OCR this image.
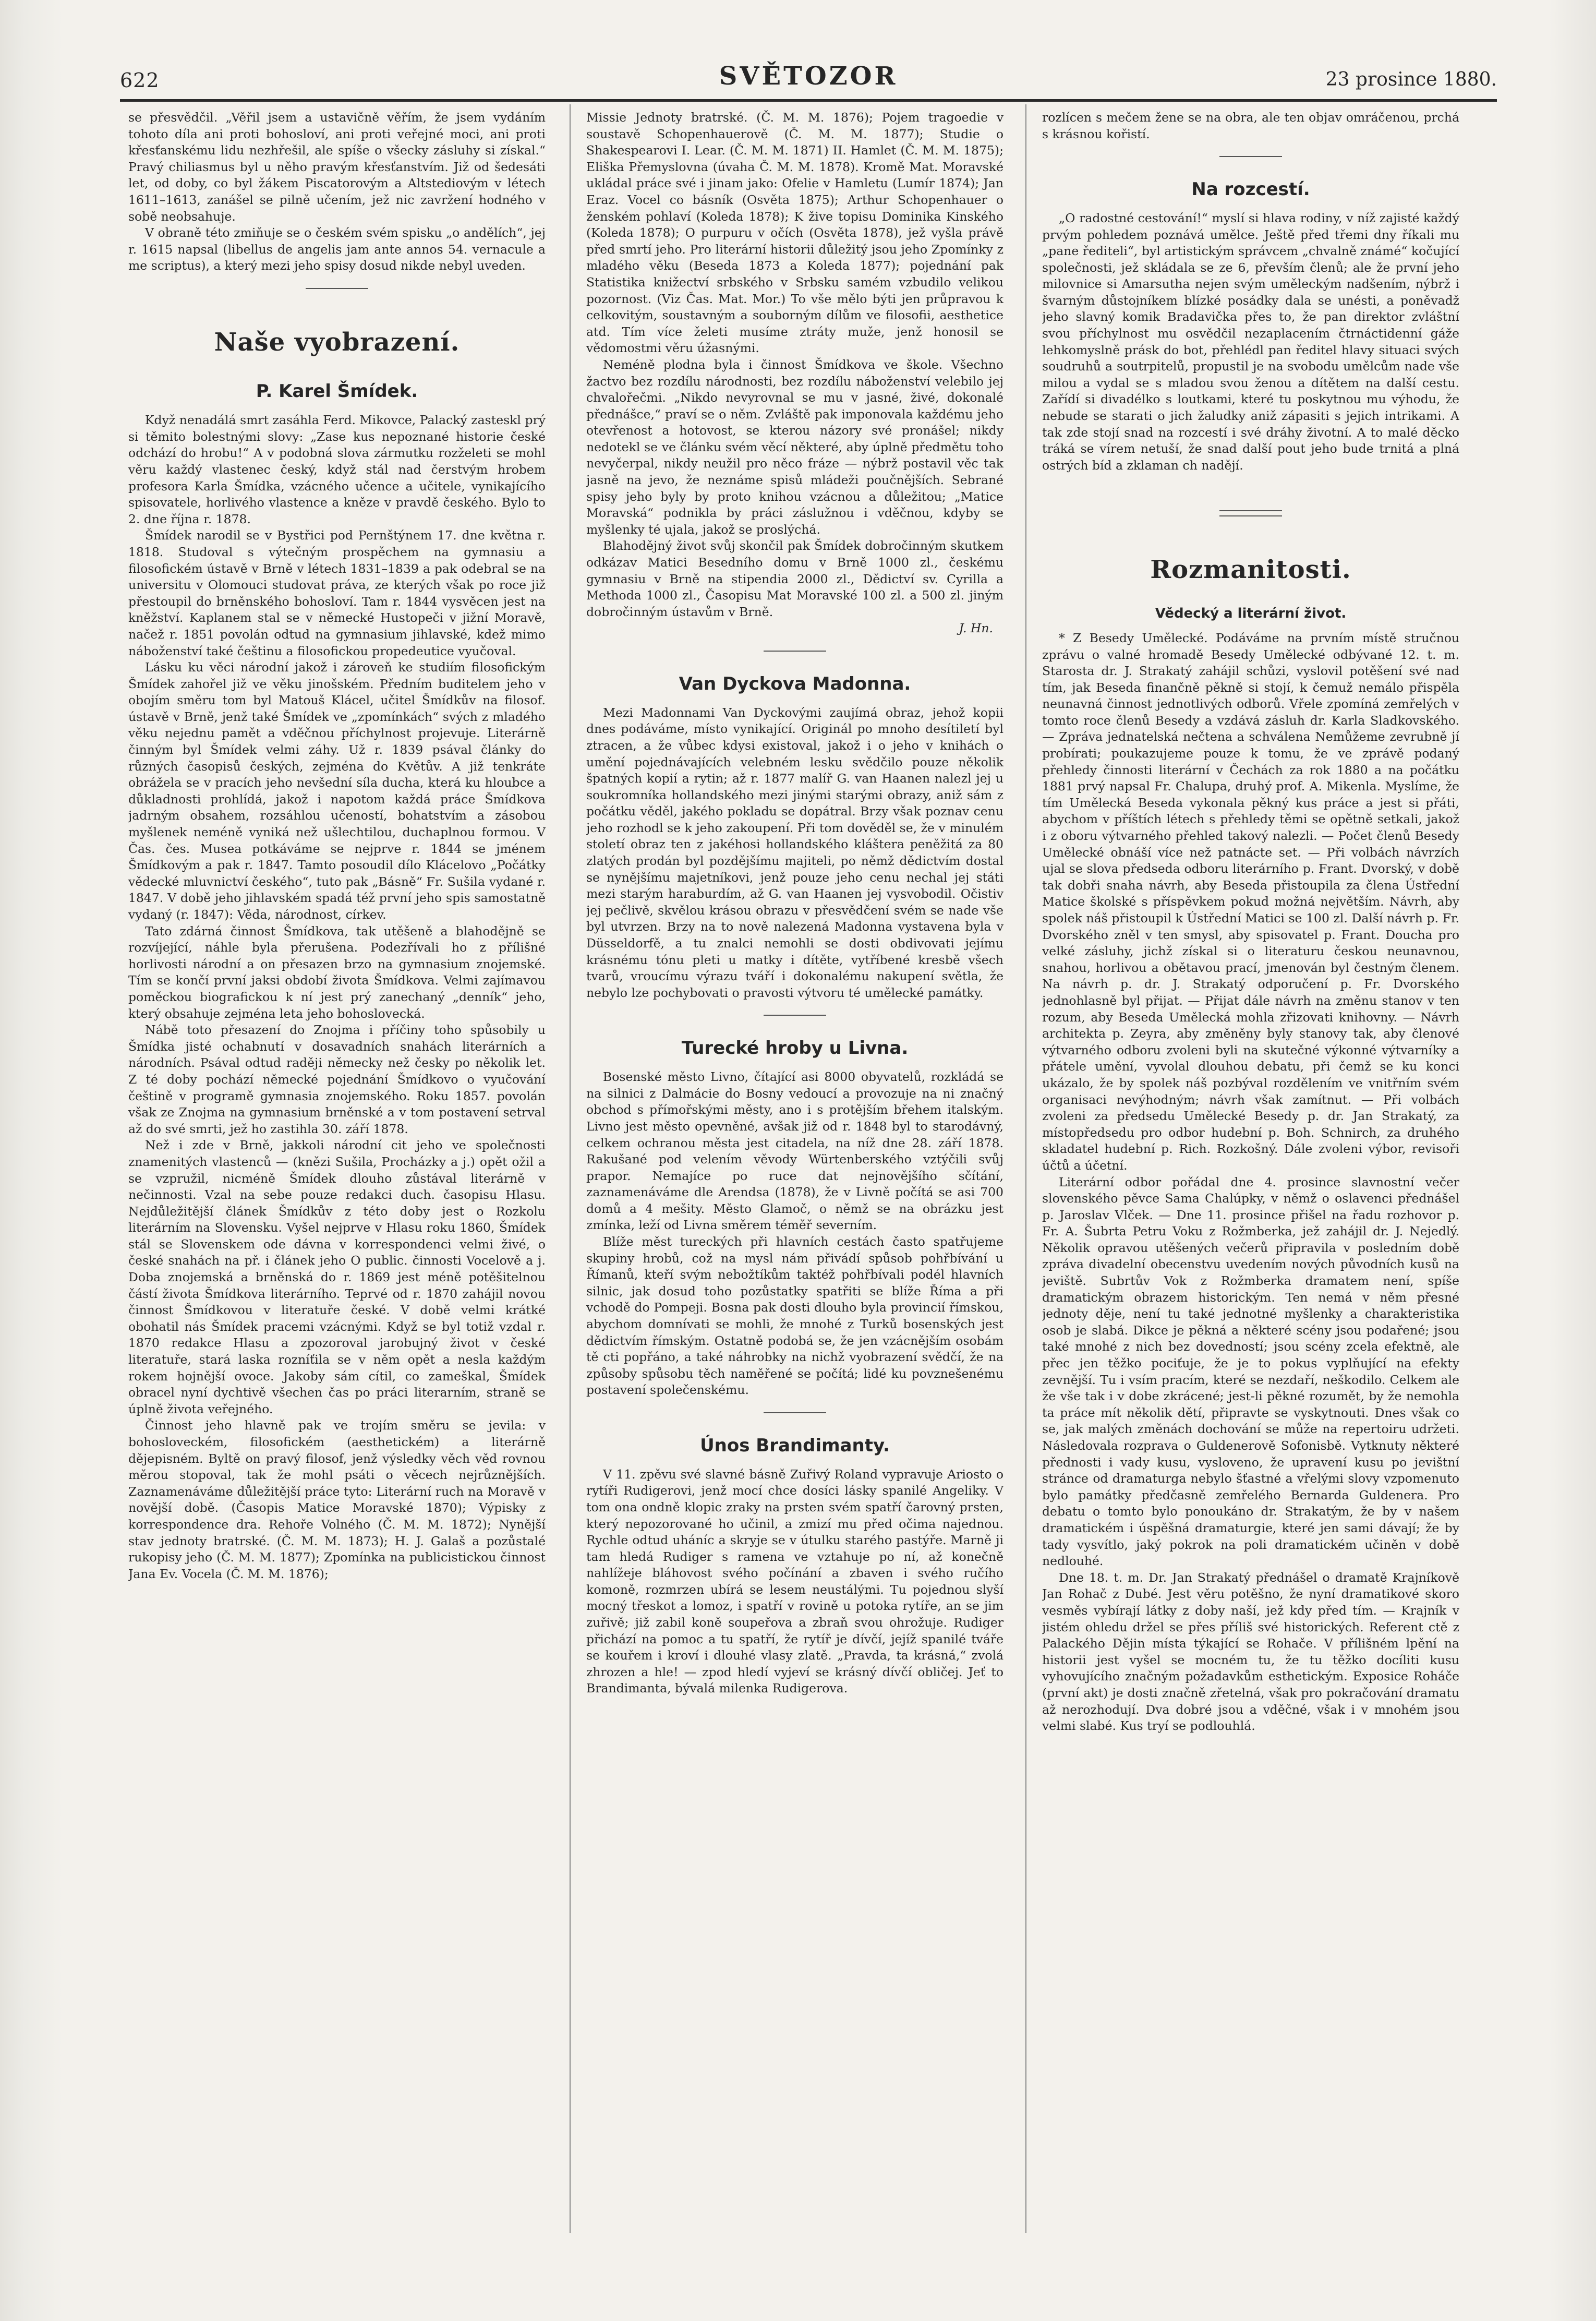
622	SVĚTOZOR	23 prosince 1880.

se přesvědčil. „Věřil jsem a ustavičně věřím, že jsem vydáním tohoto díla ani proti bohosloví, ani proti veřejné moci, ani proti křesťanskému lidu nezhřešil, ale spíše o všecky zásluhy si získal.“ Pravý chiliasmus byl u něho pravým křesťanstvím. Již od šedesáti let, od doby, co byl žákem Piscatorovým a Altstediovým v létech 1611–1613, zanášel se pilně učením, jež nic zavržení hodného v sobě neobsahuje.

V obraně této zmiňuje se o českém svém spisku „o andělích“, jej r. 1615 napsal (libellus de angelis jam ante annos 54. vernacule a me scriptus), a který mezi jeho spisy dosud nikde nebyl uveden.

Naše vyobrazení.
P. Karel Šmídek.

Když nenadálá smrt zasáhla Ferd. Mikovce, Palacký zasteskl prý si těmito bolestnými slovy: „Zase kus nepoznané historie české odchází do hrobu!“ A v podobná slova zármutku rozželeti se mohl věru každý vlastenec český, když stál nad čerstvým hrobem profesora Karla Šmídka, vzácného učence a učitele, vynikajícího spisovatele, horlivého vlastence a kněze v pravdě českého. Bylo to 2. dne října r. 1878.

Šmídek narodil se v Bystřici pod Pernštýnem 17. dne května r. 1818. Studoval s výtečným prospěchem na gymnasiu a filosofickém ústavě v Brně v létech 1831–1839 a pak odebral se na universitu v Olomouci studovat práva, ze kterých však po roce již přestoupil do brněnského bohosloví. Tam r. 1844 vysvěcen jest na kněžství. Kaplanem stal se v německé Hustopeči v jižní Moravě, načež r. 1851 povolán odtud na gymnasium jihlavské, kdež mimo náboženství také češtinu a filosofickou propedeutice vyučoval.

Lásku ku věci národní jakož i zároveň ke studiím filosofickým Šmídek zahořel již ve věku jinošském. Předním buditelem jeho v obojím směru tom byl Matouš Klácel, učitel Šmídkův na filosof. ústavě v Brně, jenž také Šmídek ve „zpomínkách“ svých z mladého věku nejednu pamět a vděčnou příchylnost projevuje. Literárně činným byl Šmídek velmi záhy. Už r. 1839 psával články do různých časopisů českých, zejména do Květův. A již tenkráte obrážela se v pracích jeho nevšední síla ducha, která ku hloubce a důkladnosti prohlídá, jakož i napotom každá práce Šmídkova jadrným obsahem, rozsáhlou učeností, bohatstvím a zásobou myšlenek neméně vyniká než ušlechtilou, duchaplnou formou. V Čas. čes. Musea potkáváme se nejprve r. 1844 se jménem Šmídkovým a pak r. 1847. Tamto posoudil dílo Klácelovo „Počátky vědecké mluvnictví českého“, tuto pak „Básně“ Fr. Sušila vydané r. 1847. V době jeho jihlavském spadá též první jeho spis samostatně vydaný (r. 1847): Věda, národnost, církev.

Tato zdárná činnost Šmídkova, tak utěšeně a blahodějně se rozvíjející, náhle byla přerušena. Podezřívali ho z přílišné horlivosti národní a on přesazen brzo na gymnasium znojemské. Tím se končí první jaksi období života Šmídkova. Velmi zajímavou poměckou biografickou k ní jest prý zanechaný „denník“ jeho, který obsahuje zejména leta jeho bohoslovecká.

Nábě toto přesazení do Znojma i příčiny toho spůsobily u Šmídka jisté ochabnutí v dosavadních snahách literárních a národních. Psával odtud raději německy než česky po několik let. Z té doby pochází německé pojednání Šmídkovo o vyučování češtině v programě gymnasia znojemského. Roku 1857. povolán však ze Znojma na gymnasium brněnské a v tom postavení setrval až do své smrti, jež ho zastihla 30. září 1878.

Než i zde v Brně, jakkoli národní cit jeho ve společnosti znamenitých vlastenců — (knězi Sušila, Procházky a j.) opět ožil a se vzpružil, nicméně Šmídek dlouho zůstával literárně v nečinnosti. Vzal na sebe pouze redakci duch. časopisu Hlasu. Nejdůležitější článek Šmídkův z této doby jest o Rozkolu literárním na Slovensku. Vyšel nejprve v Hlasu roku 1860, Šmídek stál se Slovenskem ode dávna v korrespondenci velmi živé, o české snahách na př. i článek jeho O public. činnosti Vocelově a j. Doba znojemská a brněnská do r. 1869 jest méně potěšitelnou částí života Šmídkova literárního. Teprvé od r. 1870 zahájil novou činnost Šmídkovou v literatuře české. V době velmi krátké obohatil nás Šmídek pracemi vzácnými. Když se byl totiž vzdal r. 1870 redakce Hlasu a zpozoroval jarobujný život v české literatuře, stará laska rozníťila se v něm opět a nesla každým rokem hojnější ovoce. Jakoby sám cítil, co zameškal, Šmídek obracel nyní dychtivě všechen čas po práci literarním, straně se úplně života veřejného.

Činnost jeho hlavně pak ve trojím směru se jevila: v bohosloveckém, filosofickém (aesthetickém) a literárně dějepisném. Byltě on pravý filosof, jenž výsledky věch věd rovnou měrou stopoval, tak že mohl psáti o věcech nejrůznějších. Zaznamenáváme důležitější práce tyto: Literární ruch na Moravě v novější době. (Časopis Matice Moravské 1870); Výpisky z korrespondence dra. Rehoře Volného (Č. M. M. 1872); Nynější stav jednoty bratrské. (Č. M. M. 1873); H. J. Galaš a pozůstalé rukopisy jeho (Č. M. M. 1877); Zpomínka na publicistickou činnost Jana Ev. Vocela (Č. M. M. 1876);

Missie Jednoty bratrské. (Č. M. M. 1876); Pojem tragoedie v soustavě Schopenhauerově (Č. M. M. 1877); Studie o Shakespearovi I. Lear. (Č. M. M. 1871) II. Hamlet (Č. M. M. 1875); Eliška Přemyslovna (úvaha Č. M. M. 1878). Kromě Mat. Moravské ukládal práce své i jinam jako: Ofelie v Hamletu (Lumír 1874); Jan Eraz. Vocel co básník (Osvěta 1875); Arthur Schopenhauer o ženském pohlaví (Koleda 1878); K žive topisu Dominika Kinského (Koleda 1878); O purpuru v očích (Osvěta 1878), jež vyšla právě před smrtí jeho. Pro literární historii důležitý jsou jeho Zpomínky z mladého věku (Beseda 1873 a Koleda 1877); pojednání pak Statistika knižectví srbského v Srbsku samém vzbudilo velikou pozornost. (Viz Čas. Mat. Mor.) To vše mělo býti jen průpravou k celkovitým, soustavným a souborným dílům ve filosofii, aesthetice atd. Tím více želeti musíme ztráty muže, jenž honosil se vědomostmi věru úžasnými.

Neméně plodna byla i činnost Šmídkova ve škole. Všechno žactvo bez rozdílu národnosti, bez rozdílu náboženství velebilo jej chvalořečmi. „Nikdo nevyrovnal se mu v jasné, živé, dokonalé přednášce,“ praví se o něm. Zvláště pak imponovala každému jeho otevřenost a hotovost, se kterou názory své pronášel; nikdy nedotekl se ve článku svém věcí některé, aby úplně předmětu toho nevyčerpal, nikdy neužil pro něco fráze — nýbrž postavil věc tak jasně na jevo, že neznáme spisů mládeži poučnějších. Sebrané spisy jeho byly by proto knihou vzácnou a důležitou; „Matice Moravská“ podnikla by práci záslužnou i vděčnou, kdyby se myšlenky té ujala, jakož se proslýchá.

Blahodějný život svůj skončil pak Šmídek dobročinným skutkem odkázav Matici Besedního domu v Brně 1000 zl., českému gymnasiu v Brně na stipendia 2000 zl., Dědictví sv. Cyrilla a Methoda 1000 zl., Časopisu Mat Moravské 100 zl. a 500 zl. jiným dobročinným ústavům v Brně.

J. Hn.
Van Dyckova Madonna.

Mezi Madonnami Van Dyckovými zaujímá obraz, jehož kopii dnes podáváme, místo vynikající. Originál po mnoho desítiletí byl ztracen, a že vůbec kdysi existoval, jakož i o jeho v knihách o umění pojednávajících velebném lesku svědčilo pouze několik špatných kopií a rytin; až r. 1877 malíř G. van Haanen nalezl jej u soukromníka hollandského mezi jinými starými obrazy, aniž sám z počátku věděl, jakého pokladu se dopátral. Brzy však poznav cenu jeho rozhodl se k jeho zakoupení. Při tom dověděl se, že v minulém století obraz ten z jakéhosi hollandského kláštera peněžitá za 80 zlatých prodán byl pozdějšímu majiteli, po němž dědictvím dostal se nynějšímu majetníkovi, jenž pouze jeho cenu nechal jej státi mezi starým haraburdím, až G. van Haanen jej vysvobodil. Očistiv jej pečlivě, skvělou krásou obrazu v přesvědčení svém se nade vše byl utvrzen. Brzy na to nově nalezená Madonna vystavena byla v Düsseldorfě, a tu znalci nemohli se dosti obdivovati jejímu krásnému tónu pleti u matky i dítěte, vytříbené kresbě všech tvarů, vroucímu výrazu tváří i dokonalému nakupení světla, že nebylo lze pochybovati o pravosti výtvoru té umělecké památky.

Turecké hroby u Livna.

Bosenské město Livno, čítající asi 8000 obyvatelů, rozkládá se na silnici z Dalmácie do Bosny vedoucí a provozuje na ni značný obchod s přímořskými městy, ano i s protějším břehem italským. Livno jest město opevněné, avšak již od r. 1848 byl to starodávný, celkem ochranou města jest citadela, na níž dne 28. září 1878. Rakušané pod velením věvody Würtenberského vztýčili svůj prapor. Nemajíce po ruce dat nejnovějšího sčítání, zaznamenáváme dle Arendsa (1878), že v Livně počítá se asi 700 domů a 4 mešity. Město Glamoč, o němž se na obrázku jest zmínka, leží od Livna směrem téměř severním.

Blíže měst tureckých při hlavních cestách často spatřujeme skupiny hrobů, což na mysl nám přivádí spůsob pohřbívání u Římanů, kteří svým nebožtíkům taktéž pohřbívali podél hlavních silnic, jak dosud toho pozůstatky spatřiti se blíže Říma a při vchodě do Pompeji. Bosna pak dosti dlouho byla provincií římskou, abychom domnívati se mohli, že mnohé z Turků bosenských jest dědictvím římským. Ostatně podobá se, že jen vzácnějším osobám tě cti popřáno, a také náhrobky na nichž vyobrazení svědčí, že na způsoby spůsobu těch naměřené se počítá; lidé ku povznešenému postavení společenskému.

Únos Brandimanty.

V 11. zpěvu své slavné básně Zuřivý Roland vypravuje Ariosto o rytíři Rudigerovi, jenž mocí chce dosíci lásky spanilé Angeliky. V tom ona ondně klopic zraky na prsten svém spatří čarovný prsten, který nepozorované ho učinil, a zmizí mu před očima najednou. Rychle odtud uháníc a skryje se v útulku starého pastýře. Marně ji tam hledá Rudiger s ramena ve vztahuje po ní, až konečně nahlížeje bláhovost svého počínání a zbaven i svého ručího komoně, rozmrzen ubírá se lesem neustálými. Tu pojednou slyší mocný třeskot a lomoz, i spatří v rovině u potoka rytíře, an se jim zuřivě; již zabil koně soupeřova a zbraň svou ohrožuje. Rudiger přichází na pomoc a tu spatří, že rytíř je dívčí, jejíž spanilé tváře se kouřem i kroví i dlouhé vlasy zlatě. „Pravda, ta krásná,“ zvolá zhrozen a hle! — zpod hledí vyjeví se krásný dívčí obličej. Jeť to Brandimanta, bývalá milenka Rudigerova.

rozlícen s mečem žene se na obra, ale ten objav omráčenou, prchá s krásnou kořistí.

Na rozcestí.

„O radostné cestování!“ myslí si hlava rodiny, v níž zajisté každý prvým pohledem poznává umělce. Ještě před třemi dny říkali mu „pane řediteli“, byl artistickým správcem „chvalně známé“ kočující společnosti, jež skládala se ze 6, převším členů; ale že první jeho milovnice si Amarsutha nejen svým uměleckým nadšením, nýbrž i švarným důstojníkem blízké posádky dala se unésti, a poněvadž jeho slavný komik Bradavička přes to, že pan direktor zvláštní svou příchylnost mu osvědčil nezaplacením čtrnáctidenní gáže lehkomyslně prásk do bot, přehlédl pan ředitel hlavy situaci svých soudruhů a soutrpitelů, propustil je na svobodu umělcům nade vše milou a vydal se s mladou svou ženou a dítětem na další cestu. Zařídí si divadélko s loutkami, které tu poskytnou mu výhodu, že nebude se starati o jich žaludky aniž zápasiti s jejich intrikami. A tak zde stojí snad na rozcestí i své dráhy životní. A to malé děcko tráká se vírem netuší, že snad další pout jeho bude trnitá a plná ostrých bíd a zklaman ch nadějí.

Rozmanitosti.
Vědecký a literární život.

* Z Besedy Umělecké. Podáváme na prvním místě stručnou zprávu o valné hromadě Besedy Umělecké odbývané 12. t. m. Starosta dr. J. Strakatý zahájil schůzi, vyslovil potěšení své nad tím, jak Beseda finančně pěkně si stojí, k čemuž nemálo přispěla neunavná činnost jednotlivých odborů. Vřele zpomíná zemřelých v tomto roce členů Besedy a vzdává zásluh dr. Karla Sladkovského. — Zpráva jednatelská nečtena a schválena Nemůžeme zevrubně jí probírati; poukazujeme pouze k tomu, že ve zprávě podaný přehledy činnosti literární v Čechách za rok 1880 a na počátku 1881 prvý napsal Fr. Chalupa, druhý prof. A. Mikenla. Myslíme, že tím Umělecká Beseda vykonala pěkný kus práce a jest si přáti, abychom v příštích létech s přehledy těmi se opětně setkali, jakož i z oboru výtvarného přehled takový nalezli. — Počet členů Besedy Umělecké obnáší více než patnácte set. — Při volbách návrzích ujal se slova předseda odboru literárního p. Frant. Dvorský, v době tak dobři snaha návrh, aby Beseda přistoupila za člena Ústřední Matice školské s příspěvkem pokud možná největším. Návrh, aby spolek náš přistoupil k Ústřední Matici se 100 zl. Další návrh p. Fr. Dvorského zněl v ten smysl, aby spisovatel p. Frant. Doucha pro velké zásluhy, jichž získal si o literaturu českou neunavnou, snahou, horlivou a obětavou prací, jmenován byl čestným členem. Na návrh p. dr. J. Strakatý odporučení p. Fr. Dvorského jednohlasně byl přijat. — Přijat dále návrh na změnu stanov v ten rozum, aby Beseda Umělecká mohla zřizovati knihovny. — Návrh architekta p. Zeyra, aby změněny byly stanovy tak, aby členové výtvarného odboru zvoleni byli na skutečné výkonné výtvarníky a přátele umění, vyvolal dlouhou debatu, při čemž se ku konci ukázalo, že by spolek náš pozbýval rozdělením ve vnitřním svém organisaci nevýhodným; návrh však zamítnut. — Při volbách zvoleni za předsedu Umělecké Besedy p. dr. Jan Strakatý, za místopředsedu pro odbor hudební p. Boh. Schnirch, za druhého skladatel hudební p. Rich. Rozkošný. Dále zvoleni výbor, revisoři účtů a účetní.

Literární odbor pořádal dne 4. prosince slavnostní večer slovenského pěvce Sama Chalúpky, v němž o oslavenci přednášel p. Jaroslav Vlček. — Dne 11. prosince přišel na řadu rozhovor p. Fr. A. Šubrta Petru Voku z Rožmberka, jež zahájil dr. J. Nejedlý. Několik opravou utěšených večerů připravila v posledním době zpráva divadelní obecenstvu uvedením nových původních kusů na jeviště. Subrtův Vok z Rožmberka dramatem není, spíše dramatickým obrazem historickým. Ten nemá v něm přesné jednoty děje, není tu také jednotné myšlenky a charakteristika osob je slabá. Dikce je pěkná a některé scény jsou podařené; jsou také mnohé z nich bez dovedností; jsou scény zcela efektně, ale přec jen těžko pociťuje, že je to pokus vyplňující na efekty zevnější. Tu i vsím pracím, které se nezdaří, neškodilo. Celkem ale že vše tak i v dobe zkrácené; jest-li pěkné rozumět, by že nemohla ta práce mít několik dětí, připravte se vyskytnouti. Dnes však co se, jak malých změnách dochování se může na repertoiru udržeti. Následovala rozprava o Guldenerově Sofonisbě. Vytknuty některé přednosti i vady kusu, vysloveno, že upravení kusu po jevištní stránce od dramaturga nebylo šťastné a vřelými slovy vzpomenuto bylo památky předčasně zemřelého Bernarda Guldenera. Pro debatu o tomto bylo ponoukáno dr. Strakatým, že by v našem dramatickém i úspěšná dramaturgie, které jen sami dávají; že by tady vysvítlo, jaký pokrok na poli dramatickém učiněn v době nedlouhé.

Dne 18. t. m. Dr. Jan Strakatý přednášel o dramatě Krajníkově Jan Rohač z Dubé. Jest věru potěšno, že nyní dramatikové skoro vesměs vybírají látky z doby naší, jež kdy před tím. — Krajník v jistém ohledu držel se přes příliš své historických. Referent ctě z Palackého Dějin místa týkající se Rohače. V přílišném lpění na historii jest vyšel se mocném tu, že tu těžko docíliti kusu vyhovujícího značným požadavkům esthetickým. Exposice Roháče (první akt) je dosti značně zřetelná, však pro pokračování dramatu až nerozhodují. Dva dobré jsou a vděčné, však i v mnohém jsou velmi slabé. Kus tryí se podlouhlá.
